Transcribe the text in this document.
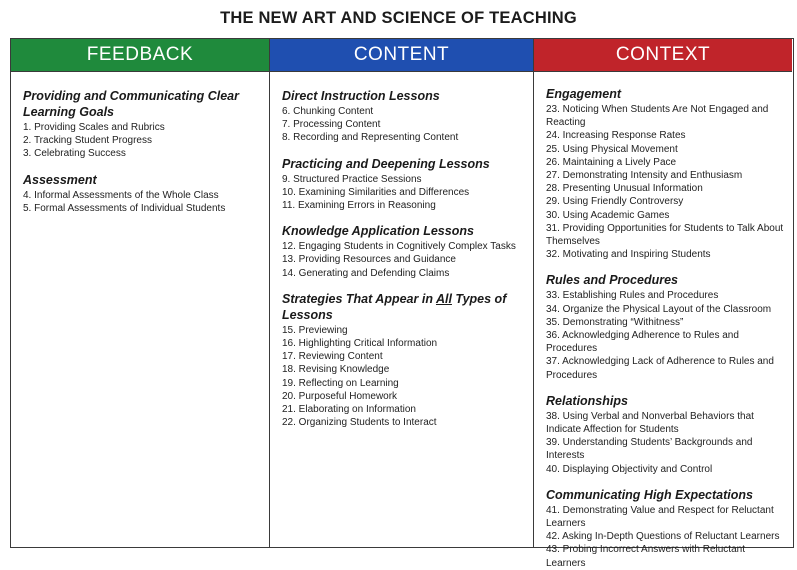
THE NEW ART AND SCIENCE OF TEACHING
FEEDBACK
Providing and Communicating Clear Learning Goals
1. Providing Scales and Rubrics
2. Tracking Student Progress
3. Celebrating Success
Assessment
4. Informal Assessments of the Whole Class
5. Formal Assessments of Individual Students
CONTENT
Direct Instruction Lessons
6. Chunking Content
7. Processing Content
8. Recording and Representing Content
Practicing and Deepening Lessons
9. Structured Practice Sessions
10. Examining Similarities and Differences
11. Examining Errors in Reasoning
Knowledge Application Lessons
12. Engaging Students in Cognitively Complex Tasks
13. Providing Resources and Guidance
14. Generating and Defending Claims
Strategies That Appear in All Types of Lessons
15. Previewing
16. Highlighting Critical Information
17. Reviewing Content
18. Revising Knowledge
19. Reflecting on Learning
20. Purposeful Homework
21. Elaborating on Information
22. Organizing Students to Interact
CONTEXT
Engagement
23. Noticing When Students Are Not Engaged and Reacting
24. Increasing Response Rates
25. Using Physical Movement
26. Maintaining a Lively Pace
27. Demonstrating Intensity and Enthusiasm
28. Presenting Unusual Information
29. Using Friendly Controversy
30. Using Academic Games
31. Providing Opportunities for Students to Talk About Themselves
32. Motivating and Inspiring Students
Rules and Procedures
33. Establishing Rules and Procedures
34. Organize the Physical Layout of the Classroom
35. Demonstrating “Withitness”
36. Acknowledging Adherence to Rules and Procedures
37. Acknowledging Lack of Adherence to Rules and Procedures
Relationships
38. Using Verbal and Nonverbal Behaviors that Indicate Affection for Students
39. Understanding Students’ Backgrounds and Interests
40. Displaying Objectivity and Control
Communicating High Expectations
41. Demonstrating Value and Respect for Reluctant Learners
42. Asking In-Depth Questions of Reluctant Learners
43. Probing Incorrect Answers with Reluctant Learners
